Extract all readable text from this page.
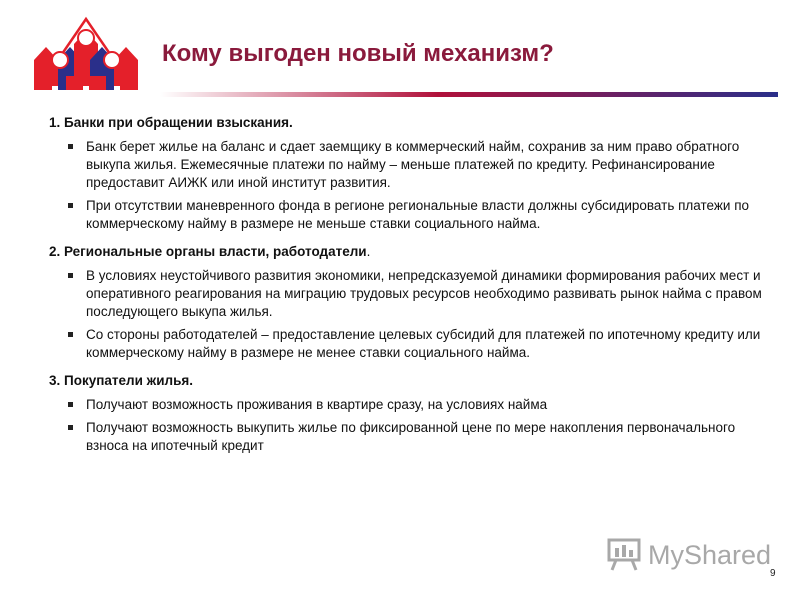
Кому выгоден новый механизм?
1. Банки при обращении взыскания.
Банк берет жилье на баланс и сдает заемщику в коммерческий найм, сохранив за ним право обратного выкупа жилья. Ежемесячные платежи по найму – меньше платежей по кредиту. Рефинансирование предоставит АИЖК или иной институт развития.
При отсутствии маневренного фонда в регионе региональные власти должны субсидировать платежи по коммерческому найму в размере не меньше ставки социального найма.
2. Региональные органы власти, работодатели.
В условиях неустойчивого развития экономики, непредсказуемой динамики формирования рабочих мест и оперативного реагирования на миграцию трудовых ресурсов необходимо развивать рынок найма с правом последующего выкупа жилья.
Со стороны работодателей – предоставление целевых субсидий для платежей по ипотечному кредиту или коммерческому найму в размере не менее ставки социального найма.
3. Покупатели жилья.
Получают возможность проживания в квартире сразу, на условиях найма
Получают возможность выкупить жилье по фиксированной цене по мере накопления первоначального взноса на ипотечный кредит
MyShared
9
